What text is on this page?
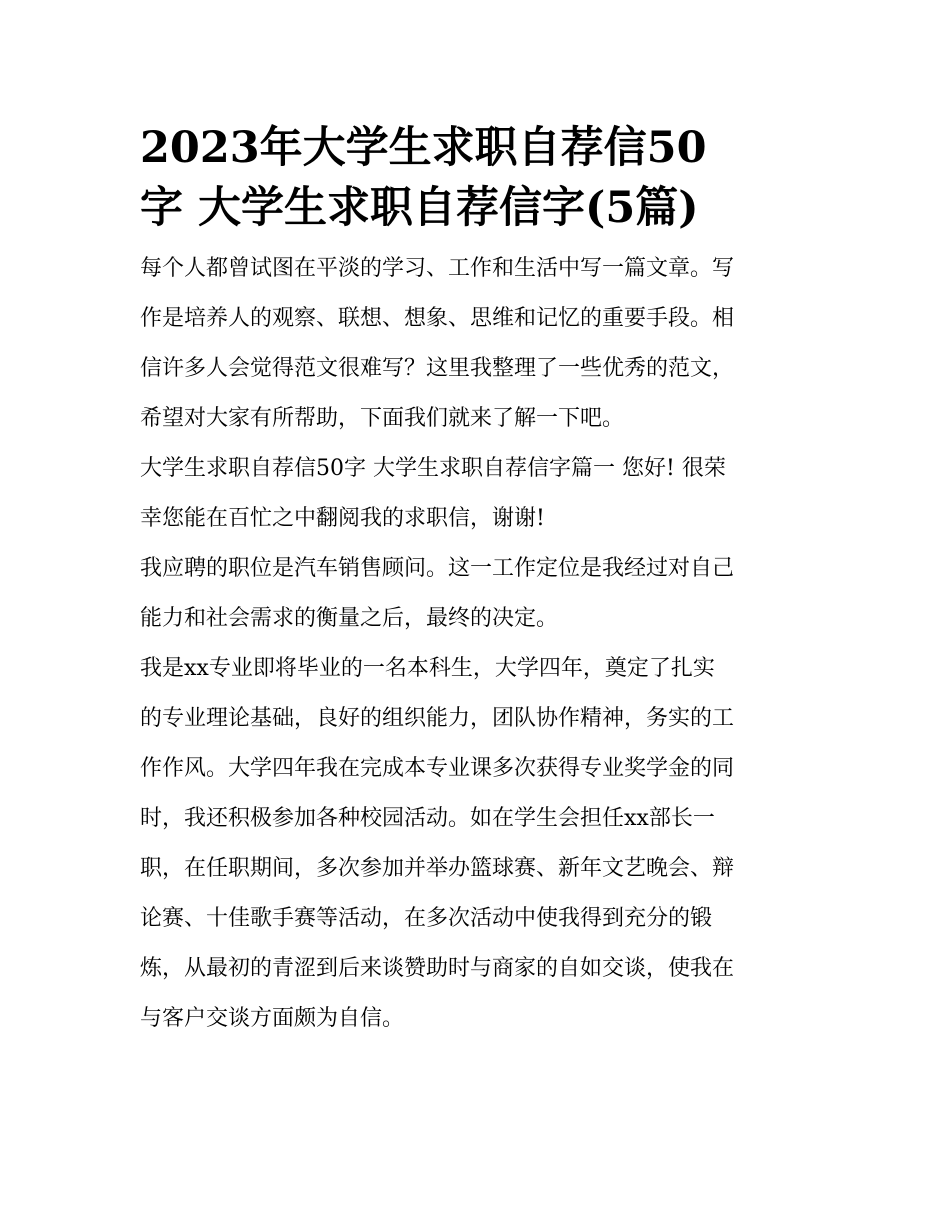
2023年大学生求职自荐信50
字 大学生求职自荐信字(5篇)

每个人都曾试图在平淡的学习、工作和生活中写一篇文章。写
作是培养人的观察、联想、想象、思维和记忆的重要手段。相
信许多人会觉得范文很难写？这里我整理了一些优秀的范文，
希望对大家有所帮助，下面我们就来了解一下吧。

大学生求职自荐信50字 大学生求职自荐信字篇一 您好! 很荣
幸您能在百忙之中翻阅我的求职信，谢谢!

我应聘的职位是汽车销售顾问。这一工作定位是我经过对自己
能力和社会需求的衡量之后，最终的决定。

我是xx专业即将毕业的一名本科生，大学四年，奠定了扎实
的专业理论基础，良好的组织能力，团队协作精神，务实的工
作作风。大学四年我在完成本专业课多次获得专业奖学金的同
时，我还积极参加各种校园活动。如在学生会担任xx部长一
职，在任职期间，多次参加并举办篮球赛、新年文艺晚会、辩
论赛、十佳歌手赛等活动，在多次活动中使我得到充分的锻
炼，从最初的青涩到后来谈赞助时与商家的自如交谈，使我在
与客户交谈方面颇为自信。
